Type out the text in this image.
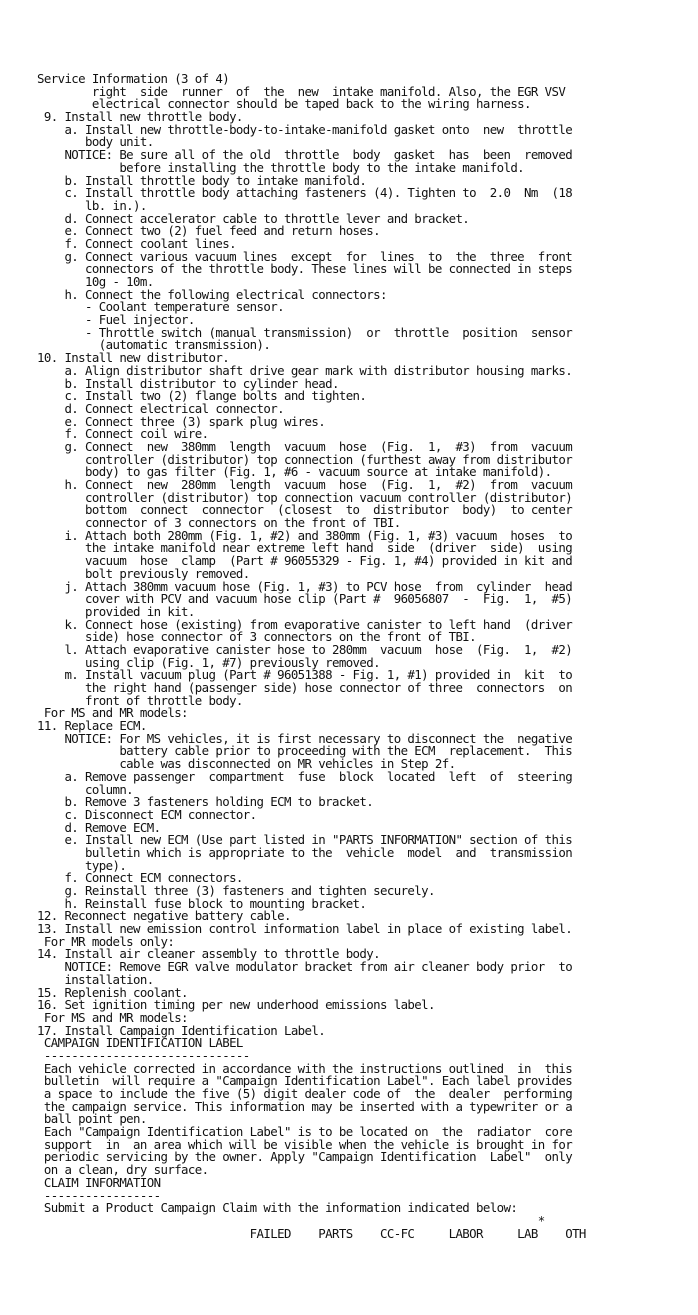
Service Information (3 of 4)
right  side  runner  of  the  new  intake manifold. Also, the EGR VSV
electrical connector should be taped back to the wiring harness.
9. Install new throttle body.
a. Install new throttle-body-to-intake-manifold gasket onto  new  throttle
body unit.
NOTICE: Be sure all of the old  throttle  body  gasket  has  been  removed
before installing the throttle body to the intake manifold.
b. Install throttle body to intake manifold.
c. Install throttle body attaching fasteners (4). Tighten to  2.0  Nm  (18
lb. in.).
d. Connect accelerator cable to throttle lever and bracket.
e. Connect two (2) fuel feed and return hoses.
f. Connect coolant lines.
g. Connect various vacuum lines  except  for  lines  to  the  three  front
connectors of the throttle body. These lines will be connected in steps
10g - 10m.
h. Connect the following electrical connectors:
- Coolant temperature sensor.
- Fuel injector.
- Throttle switch (manual transmission)  or  throttle  position  sensor
(automatic transmission).
10. Install new distributor.
a. Align distributor shaft drive gear mark with distributor housing marks.
b. Install distributor to cylinder head.
c. Install two (2) flange bolts and tighten.
d. Connect electrical connector.
e. Connect three (3) spark plug wires.
f. Connect coil wire.
g. Connect  new  380mm  length  vacuum  hose  (Fig.  1,  #3)  from  vacuum
controller (distributor) top connection (furthest away from distributor
body) to gas filter (Fig. 1, #6 - vacuum source at intake manifold).
h. Connect  new  280mm  length  vacuum  hose  (Fig.  1,  #2)  from  vacuum
controller (distributor) top connection vacuum controller (distributor)
bottom  connect  connector  (closest  to  distributor  body)  to center
connector of 3 connectors on the front of TBI.
i. Attach both 280mm (Fig. 1, #2) and 380mm (Fig. 1, #3) vacuum  hoses  to
the intake manifold near extreme left hand  side  (driver  side)  using
vacuum  hose  clamp  (Part # 96055329 - Fig. 1, #4) provided in kit and
bolt previously removed.
j. Attach 380mm vacuum hose (Fig. 1, #3) to PCV hose  from  cylinder  head
cover with PCV and vacuum hose clip (Part #  96056807  -  Fig.  1,  #5)
provided in kit.
k. Connect hose (existing) from evaporative canister to left hand  (driver
side) hose connector of 3 connectors on the front of TBI.
l. Attach evaporative canister hose to 280mm  vacuum  hose  (Fig.  1,  #2)
using clip (Fig. 1, #7) previously removed.
m. Install vacuum plug (Part # 96051388 - Fig. 1, #1) provided in  kit  to
the right hand (passenger side) hose connector of three  connectors  on
front of throttle body.
For MS and MR models:
11. Replace ECM.
NOTICE: For MS vehicles, it is first necessary to disconnect the  negative
battery cable prior to proceeding with the ECM  replacement.  This
cable was disconnected on MR vehicles in Step 2f.
a. Remove passenger  compartment  fuse  block  located  left  of  steering
column.
b. Remove 3 fasteners holding ECM to bracket.
c. Disconnect ECM connector.
d. Remove ECM.
e. Install new ECM (Use part listed in "PARTS INFORMATION" section of this
bulletin which is appropriate to the  vehicle  model  and  transmission
type).
f. Connect ECM connectors.
g. Reinstall three (3) fasteners and tighten securely.
h. Reinstall fuse block to mounting bracket.
12. Reconnect negative battery cable.
13. Install new emission control information label in place of existing label.
For MR models only:
14. Install air cleaner assembly to throttle body.
NOTICE: Remove EGR valve modulator bracket from air cleaner body prior  to
installation.
15. Replenish coolant.
16. Set ignition timing per new underhood emissions label.
For MS and MR models:
17. Install Campaign Identification Label.
CAMPAIGN IDENTIFICATION LABEL
------------------------------
Each vehicle corrected in accordance with the instructions outlined  in  this
bulletin  will require a "Campaign Identification Label". Each label provides
a space to include the five (5) digit dealer code of  the  dealer  performing
the campaign service. This information may be inserted with a typewriter or a
ball point pen.
Each "Campaign Identification Label" is to be located on  the  radiator  core
support  in  an area which will be visible when the vehicle is brought in for
periodic servicing by the owner. Apply "Campaign Identification  Label"  only
on a clean, dry surface.
CLAIM INFORMATION
-----------------
Submit a Product Campaign Claim with the information indicated below:
*
FAILED    PARTS    CC-FC     LABOR     LAB    OTH
